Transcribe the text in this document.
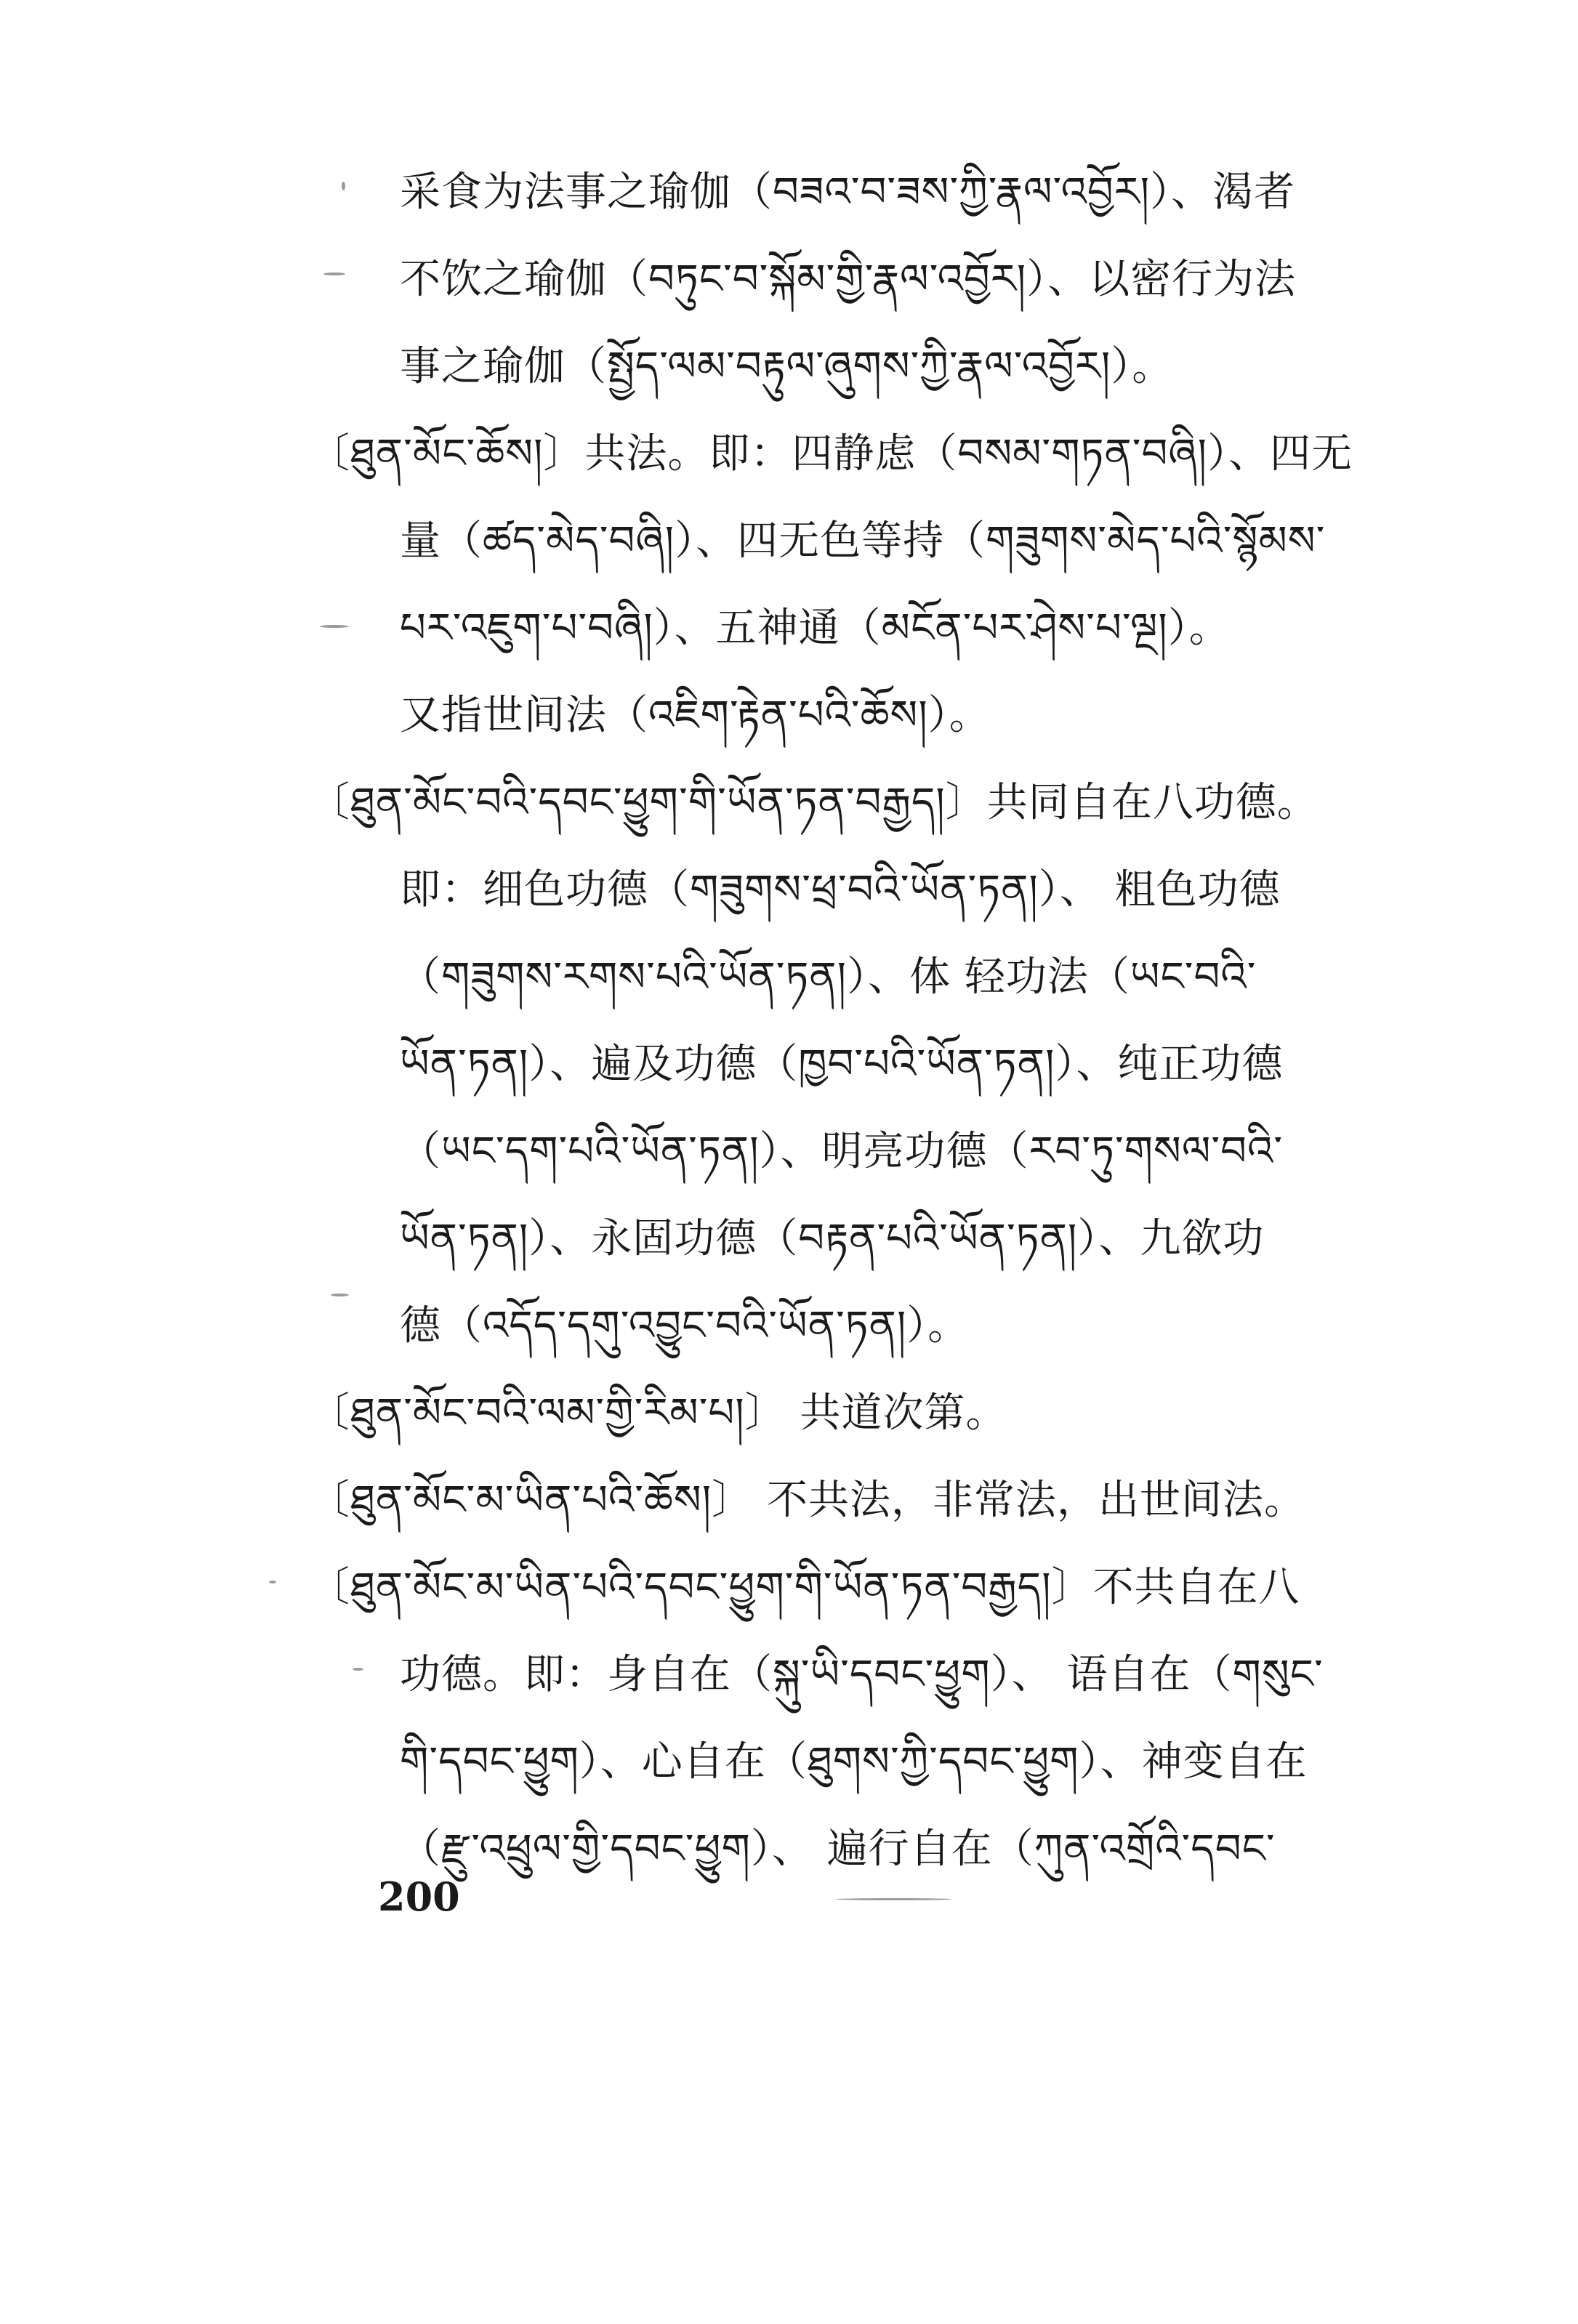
采食为法事之瑜伽（བཟའ་བ་ཟས་ཀྱི་རྣལ་འབྱོར།）、渴者
不饮之瑜伽（བཏུང་བ་སྐོམ་གྱི་རྣལ་འབྱོར།）、以密行为法
事之瑜伽（སྤྱོད་ལམ་བརྟུལ་ཞུགས་ཀྱི་རྣལ་འབྱོར།）。
〔ཐུན་མོང་ཆོས།〕共法。即：四静虑（བསམ་གཏན་བཞི།）、四无
量（ཚད་མེད་བཞི།）、四无色等持（གཟུགས་མེད་པའི་སྙོམས་
པར་འཇུག་པ་བཞི།）、五神通（མངོན་པར་ཤེས་པ་ལྔ།）。
又指世间法（འཇིག་རྟེན་པའི་ཆོས།）。
〔ཐུན་མོང་བའི་དབང་ཕྱུག་གི་ཡོན་ཏན་བརྒྱད།〕共同自在八功德。
即：细色功德（གཟུགས་ཕྲ་བའི་ཡོན་ཏན།）、 粗色功德
（གཟུགས་རགས་པའི་ཡོན་ཏན།）、体 轻功法（ཡང་བའི་
ཡོན་ཏན།）、遍及功德（ཁྱབ་པའི་ཡོན་ཏན།）、纯正功德
（ཡང་དག་པའི་ཡོན་ཏན།）、明亮功德（རབ་ཏུ་གསལ་བའི་
ཡོན་ཏན།）、永固功德（བརྟན་པའི་ཡོན་ཏན།）、九欲功
德（འདོད་དགུ་འབྱུང་བའི་ཡོན་ཏན།）。
〔ཐུན་མོང་བའི་ལམ་གྱི་རིམ་པ།〕 共道次第。
〔ཐུན་མོང་མ་ཡིན་པའི་ཆོས།〕 不共法，非常法，出世间法。
〔ཐུན་མོང་མ་ཡིན་པའི་དབང་ཕྱུག་གི་ཡོན་ཏན་བརྒྱད།〕不共自在八
功德。即：身自在（སྐུ་ཡི་དབང་ཕྱུག）、 语自在（གསུང་
གི་དབང་ཕྱུག）、心自在（ཐུགས་ཀྱི་དབང་ཕྱུག）、神变自在
（རྫུ་འཕྲུལ་གྱི་དབང་ཕྱུག）、 遍行自在（ཀུན་འགྲོའི་དབང་
200
